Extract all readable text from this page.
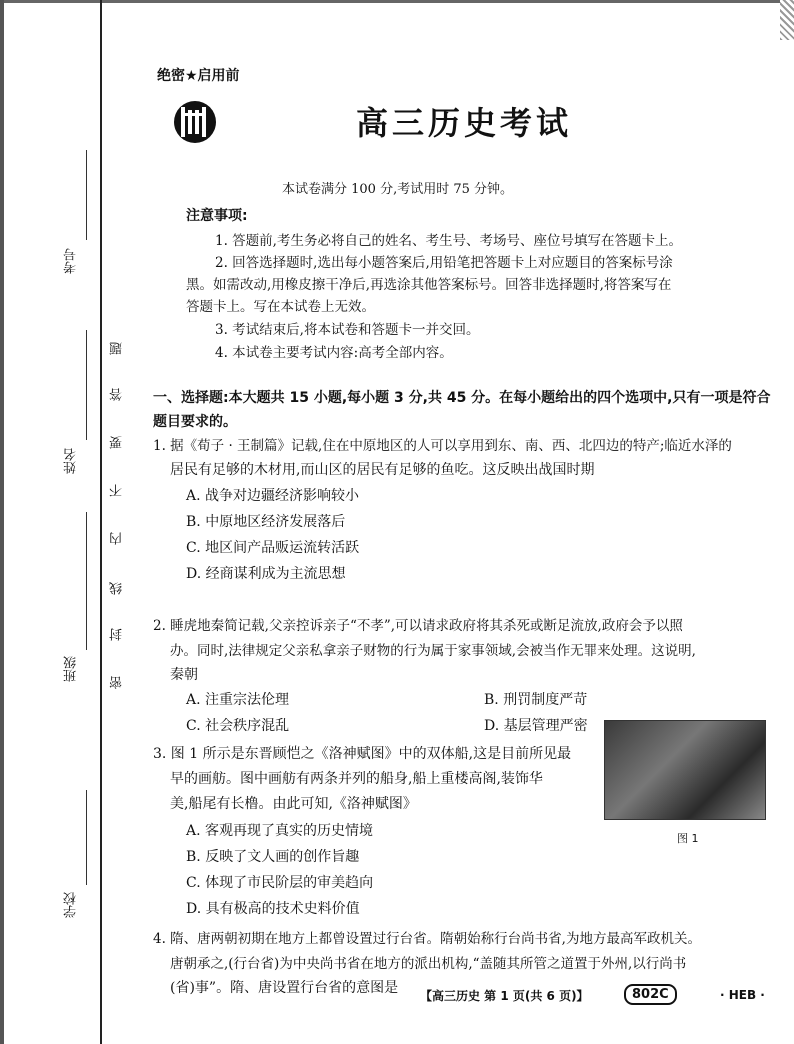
考号
姓名
班级
学校
题
答
要
不
内
线
封
密
绝密★启用前
高三历史考试
本试卷满分 100 分,考试用时 75 分钟。
注意事项:
1. 答题前,考生务必将自己的姓名、考生号、考场号、座位号填写在答题卡上。
2. 回答选择题时,选出每小题答案后,用铅笔把答题卡上对应题目的答案标号涂
黑。如需改动,用橡皮擦干净后,再选涂其他答案标号。回答非选择题时,将答案写在
答题卡上。写在本试卷上无效。
3. 考试结束后,将本试卷和答题卡一并交回。
4. 本试卷主要考试内容:高考全部内容。
一、选择题:本大题共 15 小题,每小题 3 分,共 45 分。在每小题给出的四个选项中,只有一项是符合题目要求的。
1. 据《荀子 · 王制篇》记载,住在中原地区的人可以享用到东、南、西、北四边的特产;临近水泽的
居民有足够的木材用,而山区的居民有足够的鱼吃。这反映出战国时期
A. 战争对边疆经济影响较小
B. 中原地区经济发展落后
C. 地区间产品贩运流转活跃
D. 经商谋利成为主流思想
2. 睡虎地秦简记载,父亲控诉亲子“不孝”,可以请求政府将其杀死或断足流放,政府会予以照
办。同时,法律规定父亲私拿亲子财物的行为属于家事领域,会被当作无罪来处理。这说明,
秦朝
A. 注重宗法伦理	B. 刑罚制度严苛
C. 社会秩序混乱	D. 基层管理严密
3. 图 1 所示是东晋顾恺之《洛神赋图》中的双体船,这是目前所见最
早的画舫。图中画舫有两条并列的船身,船上重楼高阁,装饰华
美,船尾有长橹。由此可知,《洛神赋图》
A. 客观再现了真实的历史情境
B. 反映了文人画的创作旨趣
C. 体现了市民阶层的审美趋向
D. 具有极高的技术史料价值
图 1
4. 隋、唐两朝初期在地方上都曾设置过行台省。隋朝始称行台尚书省,为地方最高军政机关。
唐朝承之,(行台省)为中央尚书省在地方的派出机构,“盖随其所管之道置于外州,以行尚书
(省)事”。隋、唐设置行台省的意图是 【高三历史 第 1 页(共 6 页)】	802C	· HEB ·
